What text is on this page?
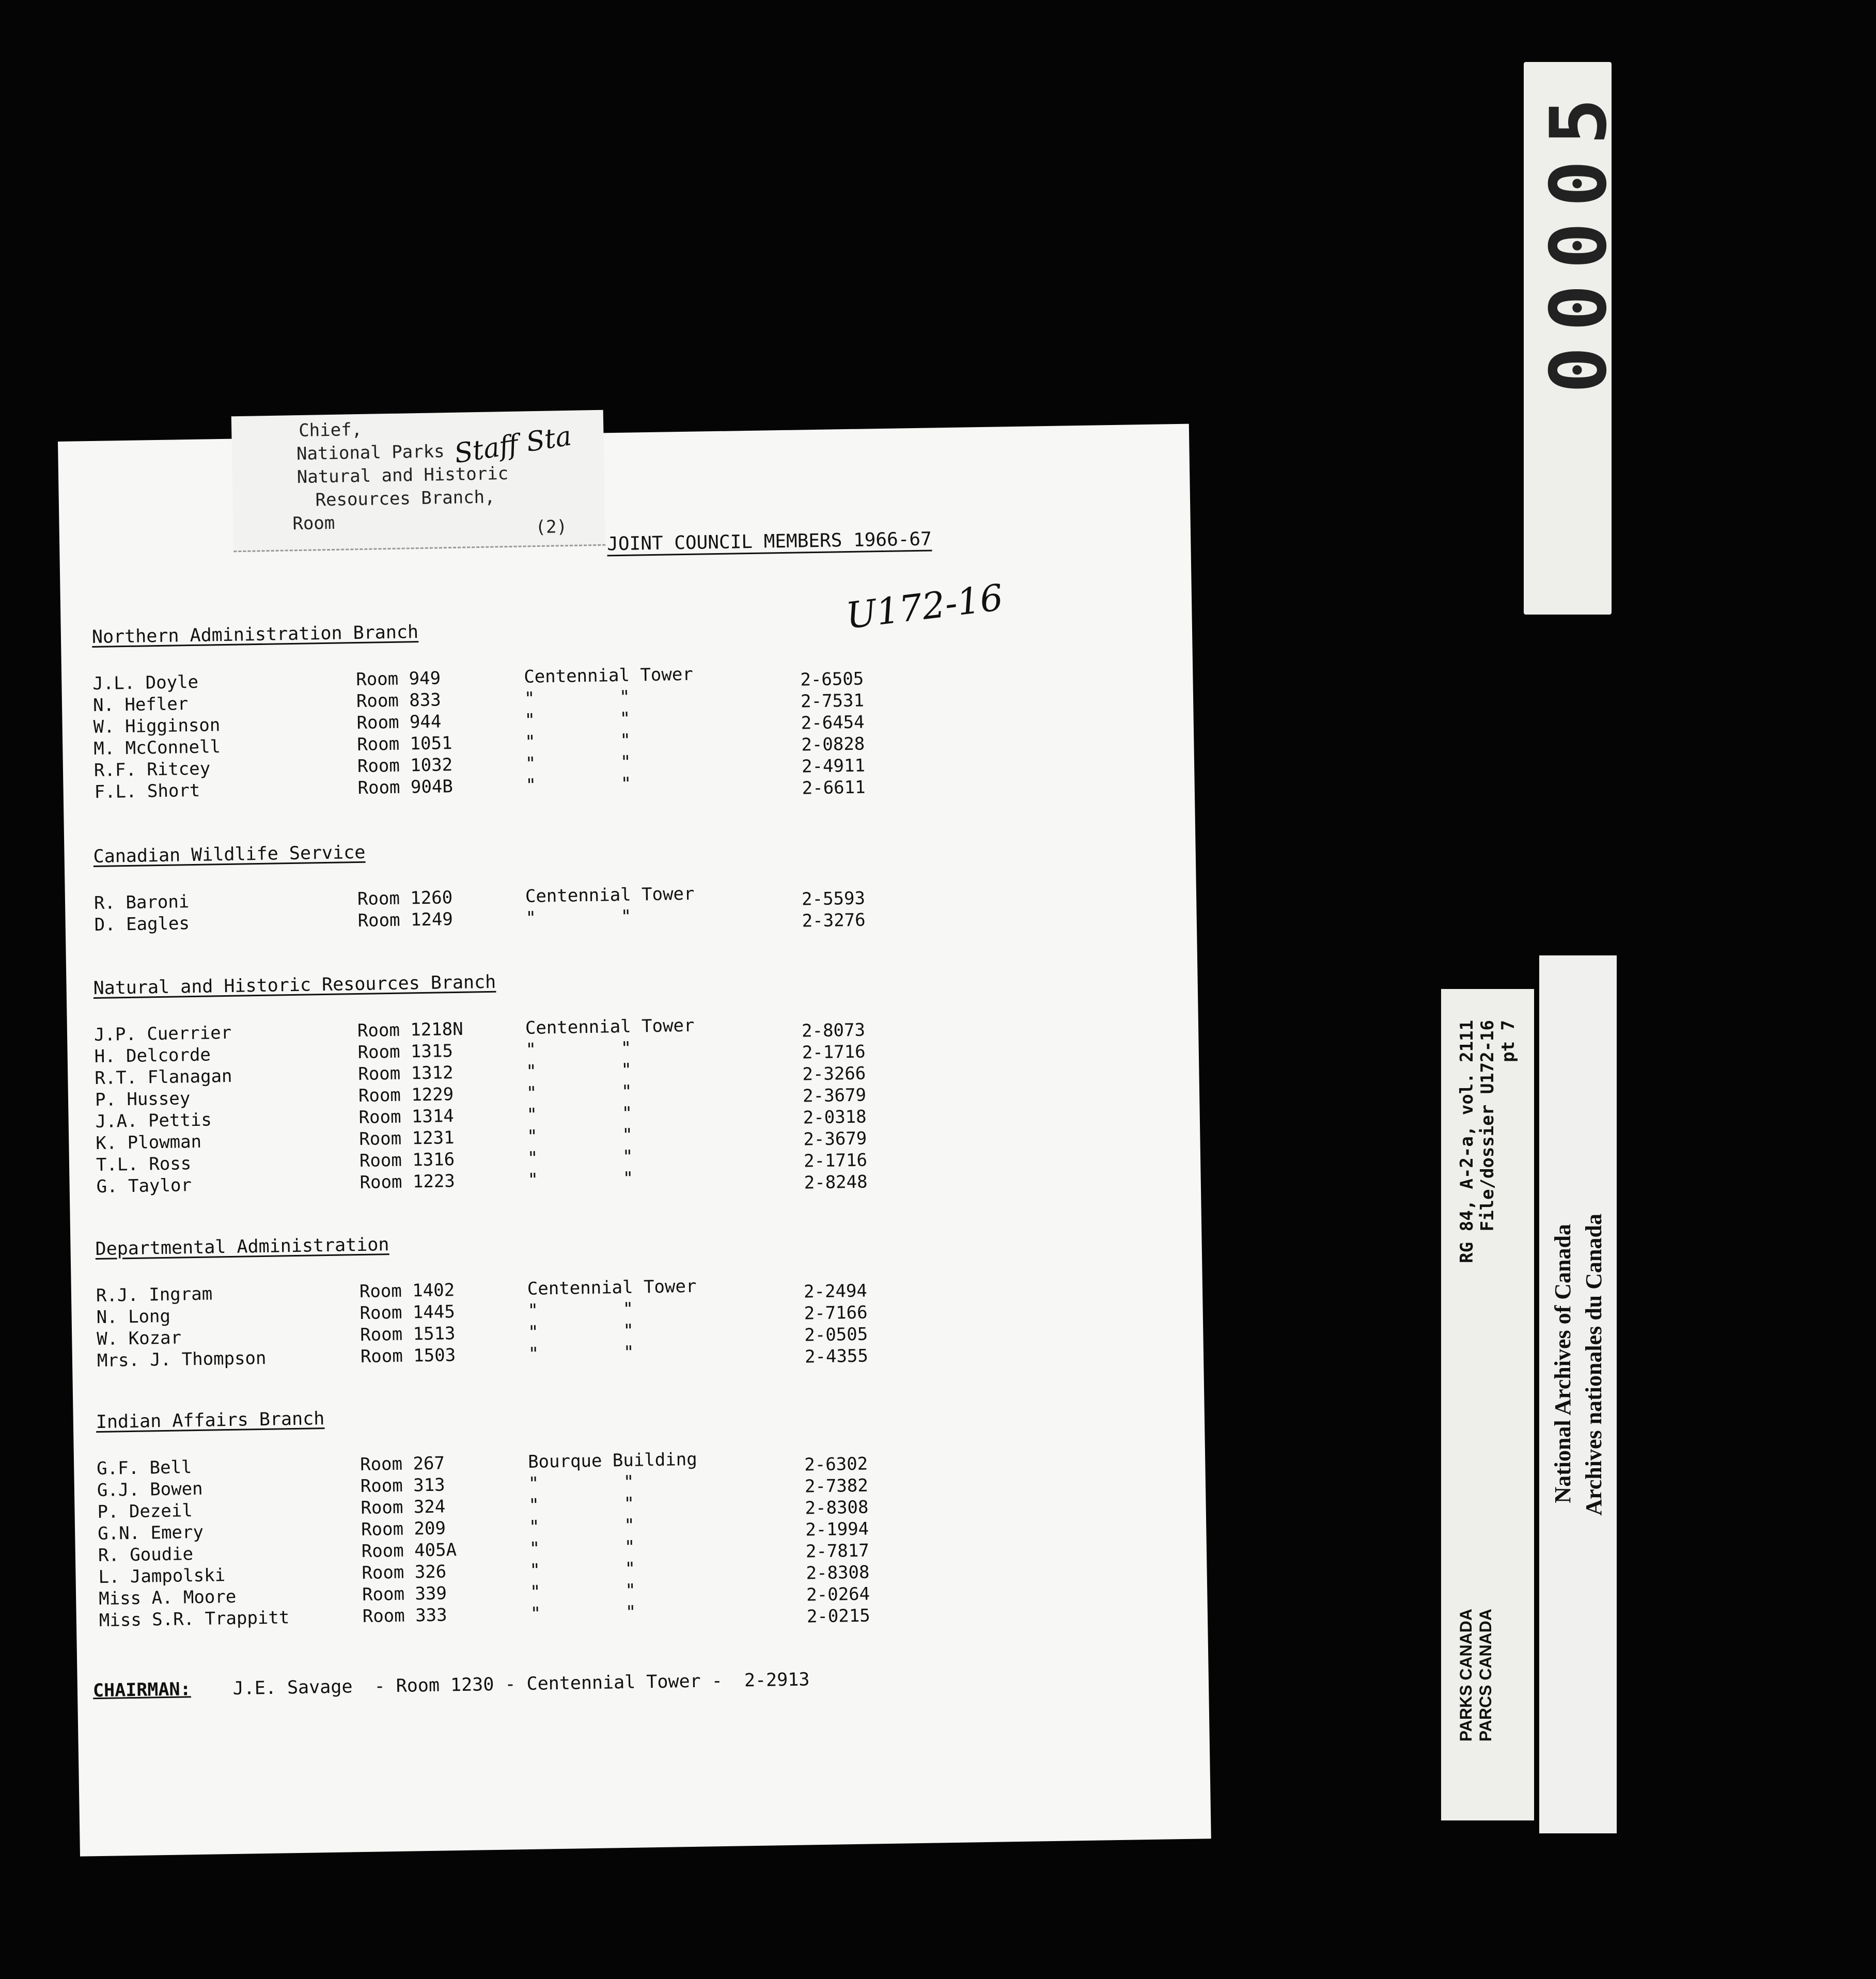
JOINT COUNCIL MEMBERS 1966-67
U172-16
Northern Administration Branch
J.L. Doyle	Room 949	Centennial Tower	2-6505
N. Hefler	Room 833	"        "	2-7531
W. Higginson	Room 944	"        "	2-6454
M. McConnell	Room 1051	"        "	2-0828
R.F. Ritcey	Room 1032	"        "	2-4911
F.L. Short	Room 904B	"        "	2-6611
Canadian Wildlife Service
R. Baroni	Room 1260	Centennial Tower	2-5593
D. Eagles	Room 1249	"        "	2-3276
Natural and Historic Resources Branch
J.P. Cuerrier	Room 1218N	Centennial Tower	2-8073
H. Delcorde	Room 1315	"        "	2-1716
R.T. Flanagan	Room 1312	"        "	2-3266
P. Hussey	Room 1229	"        "	2-3679
J.A. Pettis	Room 1314	"        "	2-0318
K. Plowman	Room 1231	"        "	2-3679
T.L. Ross	Room 1316	"        "	2-1716
G. Taylor	Room 1223	"        "	2-8248
Departmental Administration
R.J. Ingram	Room 1402	Centennial Tower	2-2494
N. Long	Room 1445	"        "	2-7166
W. Kozar	Room 1513	"        "	2-0505
Mrs. J. Thompson	Room 1503	"        "	2-4355
Indian Affairs Branch
G.F. Bell	Room 267	Bourque Building	2-6302
G.J. Bowen	Room 313	"        "	2-7382
P. Dezeil	Room 324	"        "	2-8308
G.N. Emery	Room 209	"        "	2-1994
R. Goudie	Room 405A	"        "	2-7817
L. Jampolski	Room 326	"        "	2-8308
Miss A. Moore	Room 339	"        "	2-0264
Miss S.R. Trappitt	Room 333	"        "	2-0215
CHAIRMAN: J.E. Savage  - Room 1230 - Centennial Tower -  2-2913
Chief,
National Parks
Natural and Historic
Resources Branch,
Room	(2)
Staff Sta
00005
RG 84, A-2-a, vol. 2111 File/dossier U172-16 pt 7
PARKS CANADA PARCS CANADA
National Archives of Canada Archives nationales du Canada
